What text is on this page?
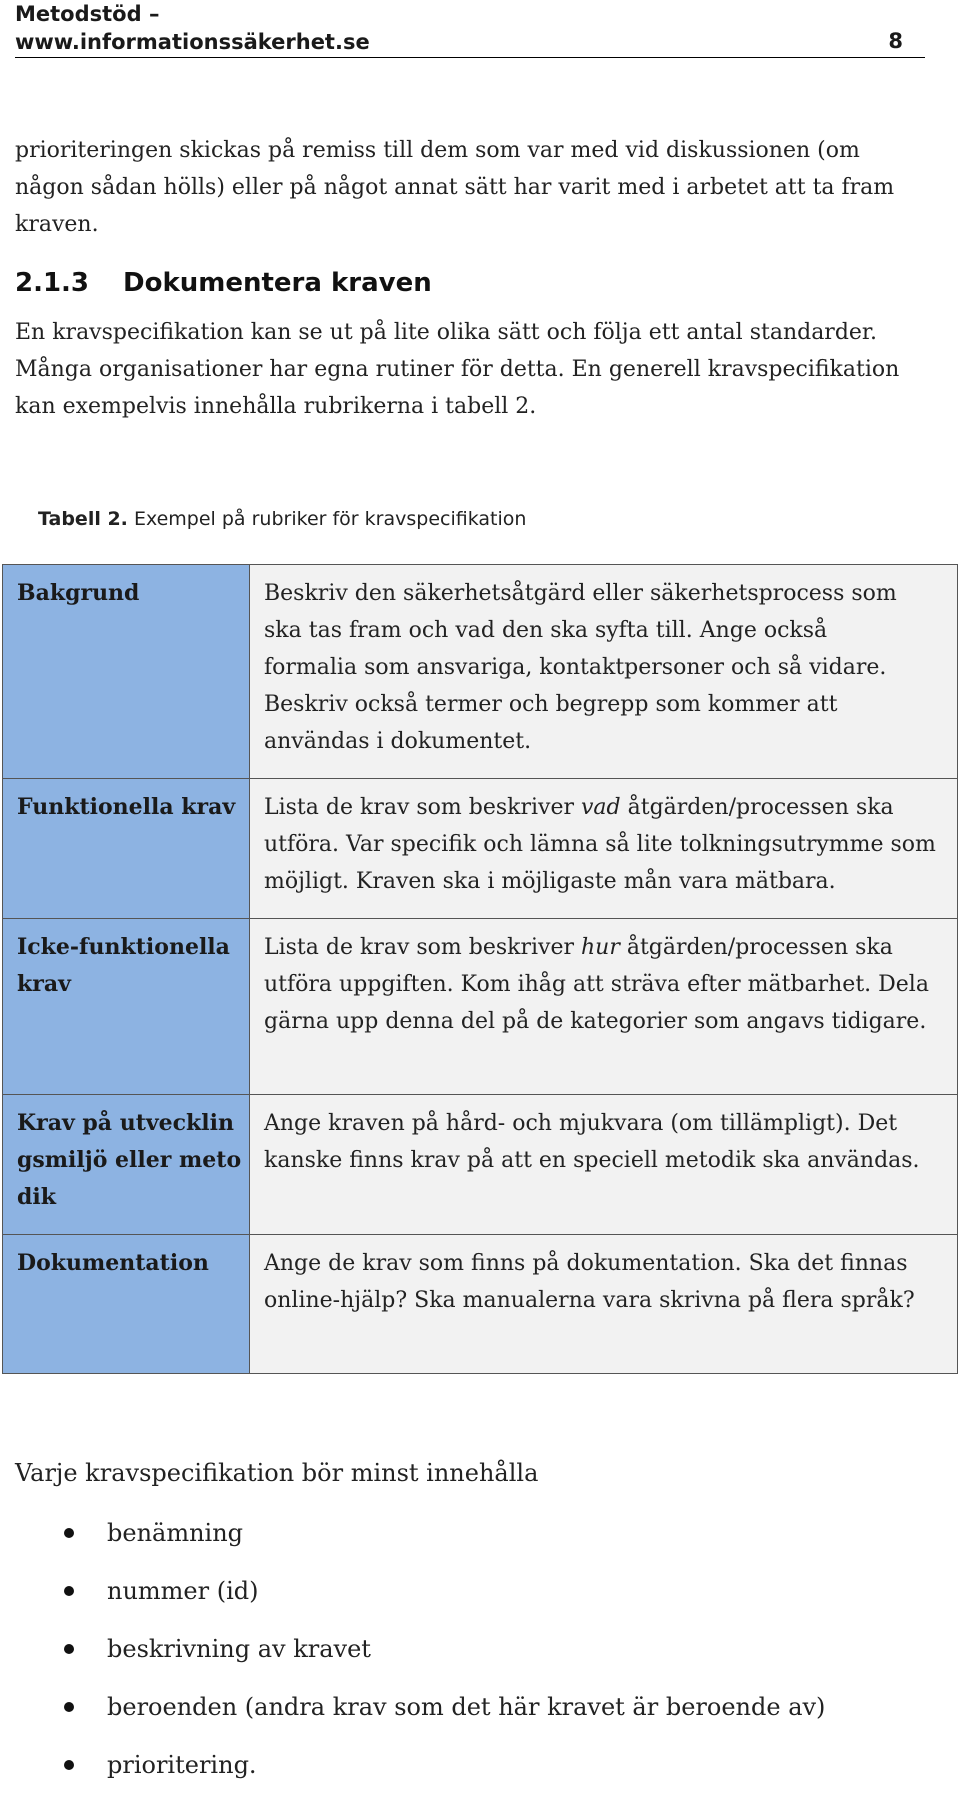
Metodstöd –
www.informationssäkerhet.se	8
prioriteringen skickas på remiss till dem som var med vid diskussionen (om
någon sådan hölls) eller på något annat sätt har varit med i arbetet att ta fram
kraven.
2.1.3 Dokumentera kraven
En kravspecifikation kan se ut på lite olika sätt och följa ett antal standarder.
Många organisationer har egna rutiner för detta. En generell kravspecifikation
kan exempelvis innehålla rubrikerna i tabell 2.
Tabell 2. Exempel på rubriker för kravspecifikation
Bakgrund	Beskriv den säkerhetsåtgärd eller säkerhetsprocess som
ska tas fram och vad den ska syfta till. Ange också
formalia som ansvariga, kontaktpersoner och så vidare.
Beskriv också termer och begrepp som kommer att
användas i dokumentet.

Funktionella krav	Lista de krav som beskriver vad åtgärden/processen ska utföra. Var specifik och lämna så lite tolkningsutrymme som möjligt. Kraven ska i möjligaste mån vara mätbara.
Icke-funktionella krav	Lista de krav som beskriver hur åtgärden/processen ska utföra uppgiften. Kom ihåg att sträva efter mätbarhet. Dela gärna upp denna del på de kategorier som angavs tidigare.
Krav på utvecklingsmiljö eller metodik	Ange kraven på hård- och mjukvara (om tillämpligt). Det kanske finns krav på att en speciell metodik ska användas.
Dokumentation	Ange de krav som finns på dokumentation. Ska det finnas online-hjälp? Ska manualerna vara skrivna på flera språk?
Varje kravspecifikation bör minst innehålla
benämning
nummer (id)
beskrivning av kravet
beroenden (andra krav som det här kravet är beroende av)
prioritering.
